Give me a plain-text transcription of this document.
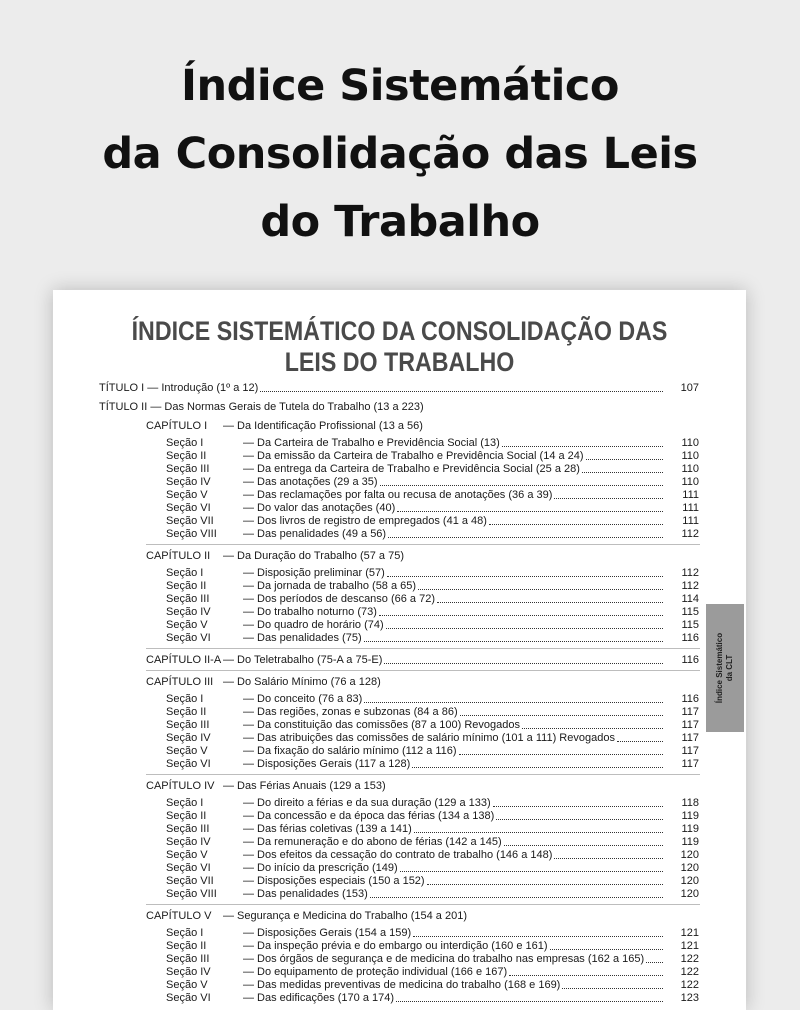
Índice Sistemático
da Consolidação das Leis
do Trabalho
ÍNDICE SISTEMÁTICO DA CONSOLIDAÇÃO DAS
LEIS DO TRABALHO
TÍTULO I — Introdução (1º a 12)	107
TÍTULO II — Das Normas Gerais de Tutela do Trabalho (13 a 223)
CAPÍTULO I — Da Identificação Profissional (13 a 56)
Seção I	— Da Carteira de Trabalho e Previdência Social (13)	110
Seção II	— Da emissão da Carteira de Trabalho e Previdência Social (14 a 24)	110
Seção III	— Da entrega da Carteira de Trabalho e Previdência Social (25 a 28)	110
Seção IV	— Das anotações (29 a 35)	110
Seção V	— Das reclamações por falta ou recusa de anotações (36 a 39)	111
Seção VI	— Do valor das anotações (40)	111
Seção VII	— Dos livros de registro de empregados (41 a 48)	111
Seção VIII — Das penalidades (49 a 56)	112
CAPÍTULO II — Da Duração do Trabalho (57 a 75)
Seção I	— Disposição preliminar (57)	112
Seção II	— Da jornada de trabalho (58 a 65)	112
Seção III	— Dos períodos de descanso (66 a 72)	114
Seção IV	— Do trabalho noturno (73)	115
Seção V	— Do quadro de horário (74)	115
Seção VI	— Das penalidades (75)	116
CAPÍTULO II-A — Do Teletrabalho (75-A a 75-E)	116
CAPÍTULO III — Do Salário Mínimo (76 a 128)
Seção I	— Do conceito (76 a 83)	116
Seção II	— Das regiões, zonas e subzonas (84 a 86)	117
Seção III	— Da constituição das comissões (87 a 100) Revogados	117
Seção IV	— Das atribuições das comissões de salário mínimo (101 a 111) Revogados	117
Seção V	— Da fixação do salário mínimo (112 a 116)	117
Seção VI	— Disposições Gerais (117 a 128)	117
CAPÍTULO IV — Das Férias Anuais (129 a 153)
Seção I	— Do direito a férias e da sua duração (129 a 133)	118
Seção II	— Da concessão e da época das férias (134 a 138)	119
Seção III	— Das férias coletivas (139 a 141)	119
Seção IV	— Da remuneração e do abono de férias (142 a 145)	119
Seção V	— Dos efeitos da cessação do contrato de trabalho (146 a 148)	120
Seção VI	— Do início da prescrição (149)	120
Seção VII	— Disposições especiais (150 a 152)	120
Seção VIII — Das penalidades (153)	120
CAPÍTULO V — Segurança e Medicina do Trabalho (154 a 201)
Seção I	— Disposições Gerais (154 a 159)	121
Seção II	— Da inspeção prévia e do embargo ou interdição (160 e 161)	121
Seção III	— Dos órgãos de segurança e de medicina do trabalho nas empresas (162 a 165)	122
Seção IV	— Do equipamento de proteção individual (166 e 167)	122
Seção V	— Das medidas preventivas de medicina do trabalho (168 e 169)	122
Seção VI	— Das edificações (170 a 174)	123
Índice Sistemático da CLT
